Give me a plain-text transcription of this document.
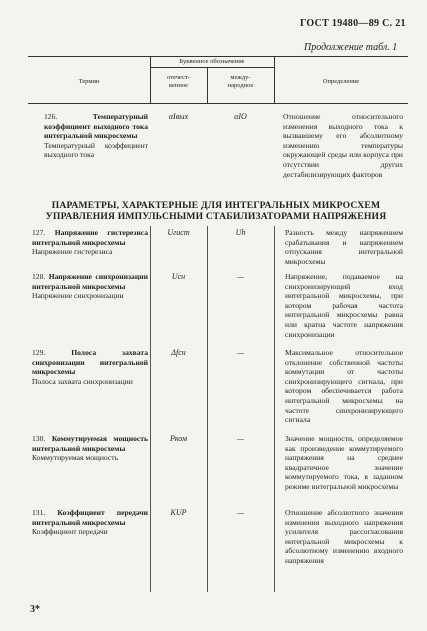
ГОСТ 19480—89 С. 21
Продолжение табл. 1
Буквенное обозначение
Термин
отечест-
венное
между-
народное	Определение
126.	Температурный коэффициент выходного тока интегральной микросхемы
Температурный коэффициент выходного тока
αIвых	αIO	Отношение относительного изменения выходного тока к вызвавшему его абсолютному изменению температуры окружающей среды или корпуса при отсутствии других дестабилизирующих факторов
ПАРАМЕТРЫ, ХАРАКТЕРНЫЕ ДЛЯ ИНТЕГРАЛЬНЫХ МИКРОСХЕМ УПРАВЛЕНИЯ ИМПУЛЬСНЫМИ СТАБИЛИЗАТОРАМИ НАПРЯЖЕНИЯ
127. Напряжение гистерезиса интегральной микросхемы
Напряжение гистерезиса
Uгист	Uh	Разность между напряжением срабатывания и напряжением отпускания интегральной микросхемы
128. Напряжение синхронизации интегральной микросхемы
Напряжение синхронизации
Uсн	—	Напряжение, подаваемое на синхронизирующий вход интегральной микросхемы, при котором рабочая частота интегральной микросхемы равна или кратна частоте напряжения синхронизации
129.	Полоса захвата синхронизации интегральной микросхемы
Полоса захвата синхронизации
Δfсн	—	Максимальное относительное отклонение собственной частоты коммутации от частоты синхронизирующего сигнала, при котором обеспечивается работа интегральной микросхемы на частоте синхронизирующего сигнала
130. Коммутируемая мощность интегральной микросхемы
Коммутируемая мощность
Pком	—	Значение мощности, определяемое как произведение коммутируемого напряжения на среднее квадратичное значение коммутируемого тока, в заданном режиме интегральной микросхемы
131. Коэффициент передачи интегральной микросхемы
Коэффициент передачи
KUP	—	Отношение абсолютного значения изменения выходного напряжения усилителя рассогласования интегральной микросхемы к абсолютному изменению входного напряжения
3*
